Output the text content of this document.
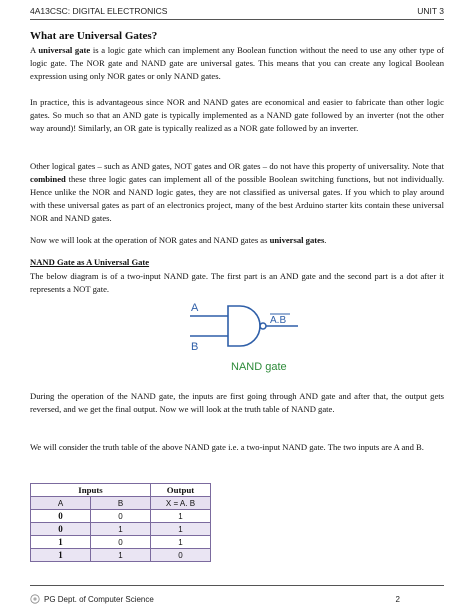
4A13CSC: DIGITAL ELECTRONICS	UNIT 3
What are Universal Gates?
A universal gate is a logic gate which can implement any Boolean function without the need to use any other type of logic gate. The NOR gate and NAND gate are universal gates. This means that you can create any logical Boolean expression using only NOR gates or only NAND gates.
In practice, this is advantageous since NOR and NAND gates are economical and easier to fabricate than other logic gates. So much so that an AND gate is typically implemented as a NAND gate followed by an inverter (not the other way around)! Similarly, an OR gate is typically realized as a NOR gate followed by an inverter.
Other logical gates – such as AND gates, NOT gates and OR gates – do not have this property of universality. Note that combined these three logic gates can implement all of the possible Boolean switching functions, but not individually. Hence unlike the NOR and NAND logic gates, they are not classified as universal gates. If you which to play around with these universal gates as part of an electronics project, many of the best Arduino starter kits contain these universal NOR and NAND gates.
Now we will look at the operation of NOR gates and NAND gates as universal gates.
NAND Gate as A Universal Gate
The below diagram is of a two-input NAND gate. The first part is an AND gate and the second part is a dot after it represents a NOT gate.
A
B
A.B
NAND gate
During the operation of the NAND gate, the inputs are first going through AND gate and after that, the output gets reversed, and we get the final output. Now we will look at the truth table of NAND gate.
We will consider the truth table of the above NAND gate i.e. a two-input NAND gate. The two inputs are A and B.
Inputs		Output
A	B	X = A. B
0	0	1
0	1	1
1	0	1
1	1	0
PG Dept. of Computer Science	2
